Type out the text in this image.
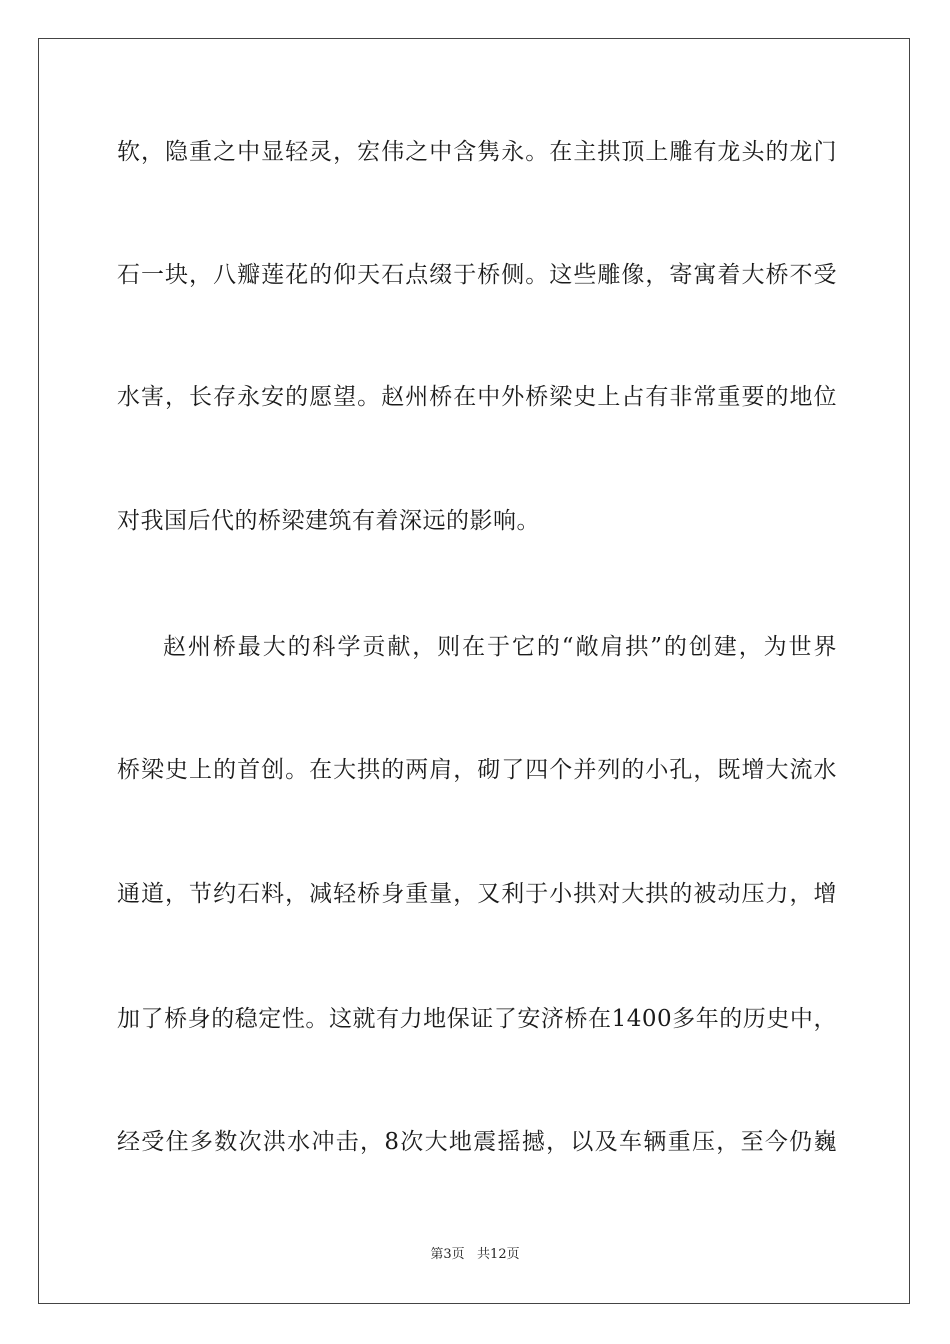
软，隐重之中显轻灵，宏伟之中含隽永。在主拱顶上雕有龙头的龙门
石一块，八瓣莲花的仰天石点缀于桥侧。这些雕像，寄寓着大桥不受
水害，长存永安的愿望。赵州桥在中外桥梁史上占有非常重要的地位
对我国后代的桥梁建筑有着深远的影响。
赵州桥最大的科学贡献，则在于它的“敞肩拱”的创建，为世界
桥梁史上的首创。在大拱的两肩，砌了四个并列的小孔，既增大流水
通道，节约石料，减轻桥身重量，又利于小拱对大拱的被动压力，增
加了桥身的稳定性。这就有力地保证了安济桥在1400多年的历史中，
经受住多数次洪水冲击，8次大地震摇撼，以及车辆重压，至今仍巍
第3页   共12页
